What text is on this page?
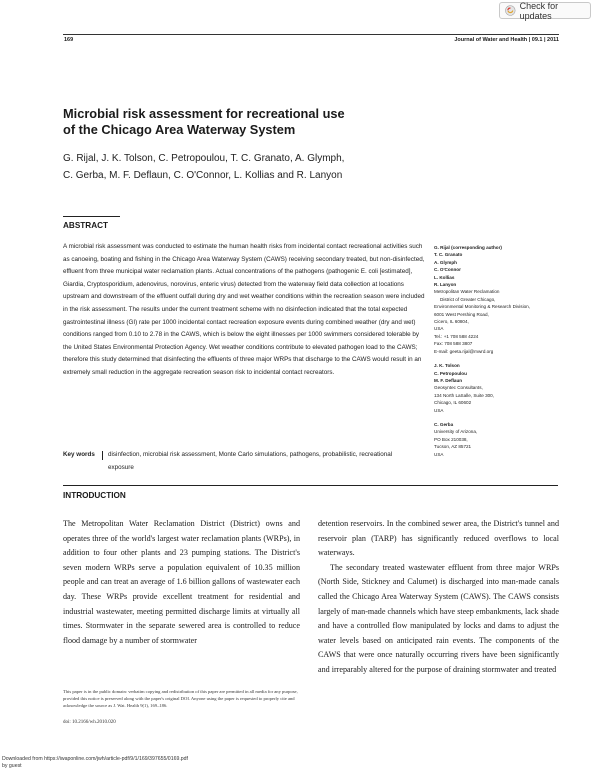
Check for updates
169	Journal of Water and Health | 09.1 | 2011
Microbial risk assessment for recreational use
of the Chicago Area Waterway System
G. Rijal, J. K. Tolson, C. Petropoulou, T. C. Granato, A. Glymph,
C. Gerba, M. F. Deflaun, C. O'Connor, L. Kollias and R. Lanyon
ABSTRACT

A microbial risk assessment was conducted to estimate the human health risks from incidental contact recreational activities such as canoeing, boating and fishing in the Chicago Area Waterway System (CAWS) receiving secondary treated, but non-disinfected, effluent from three municipal water reclamation plants. Actual concentrations of the pathogens (pathogenic E. coli [estimated], Giardia, Cryptosporidium, adenovirus, norovirus, enteric virus) detected from the waterway field data collection at locations upstream and downstream of the effluent outfall during dry and wet weather conditions within the recreation season were included in the risk assessment. The results under the current treatment scheme with no disinfection indicated that the total expected gastrointestinal illness (GI) rate per 1000 incidental contact recreation exposure events during combined weather (dry and wet) conditions ranged from 0.10 to 2.78 in the CAWS, which is below the eight illnesses per 1000 swimmers considered tolerable by the United States Environmental Protection Agency. Wet weather conditions contribute to elevated pathogen load to the CAWS; therefore this study determined that disinfecting the effluents of three major WRPs that discharge to the CAWS would result in an extremely small reduction in the aggregate recreation season risk to incidental contact recreators.

Key words disinfection, microbial risk assessment, Monte Carlo simulations, pathogens, probabilistic, recreational exposure
G. Rijal (corresponding author)
T. C. Granato
A. Glymph
C. O'Connor
L. Kollias
R. Lanyon
Metropolitan Water Reclamation
District of Greater Chicago,
Environmental Monitoring & Research Division,
6001 West Pershing Road,
Cicero, IL 60804,
USA
Tel.: +1 708 588 4224
Fax: 708 588 3807
E-mail: geeta.rijal@mwrd.org
J. K. Tolson
C. Petropoulou
M. F. Deflaun
Geosyntec Consultants,
134 North LaSalle, Suite 300,
Chicago, IL 60602
USA
C. Gerba
University of Arizona,
PO Box 210038,
Tucson, AZ 85721
USA
INTRODUCTION

The Metropolitan Water Reclamation District (District) owns and operates three of the world's largest water reclamation plants (WRPs), in addition to four other plants and 23 pumping stations. The District's seven modern WRPs serve a population equivalent of 10.35 million people and can treat an average of 1.6 billion gallons of wastewater each day. These WRPs provide excellent treatment for residential and industrial wastewater, meeting permitted discharge limits at virtually all times. Stormwater in the separate sewered area is controlled to reduce flood damage by a number of stormwater

detention reservoirs. In the combined sewer area, the District's tunnel and reservoir plan (TARP) has significantly reduced overflows to local waterways.

The secondary treated wastewater effluent from three major WRPs (North Side, Stickney and Calumet) is discharged into man-made canals called the Chicago Area Waterway System (CAWS). The CAWS consists largely of man-made channels which have steep embankments, lack shade and have a controlled flow manipulated by locks and dams to adjust the water levels based on anticipated rain events. The components of the CAWS that were once naturally occurring rivers have been significantly and irreparably altered for the purpose of draining stormwater and treated

This paper is in the public domain: verbatim copying and redistribution of this paper are permitted in all media for any purpose, provided this notice is preserved along with the paper's original DOI. Anyone using the paper is requested to properly cite and acknowledge the source as J. Wat. Health 9(1), 169–186.

doi: 10.2166/wh.2010.020
Downloaded from https://iwaponline.com/jwh/article-pdf/9/1/169/397655/0169.pdf
by guest
